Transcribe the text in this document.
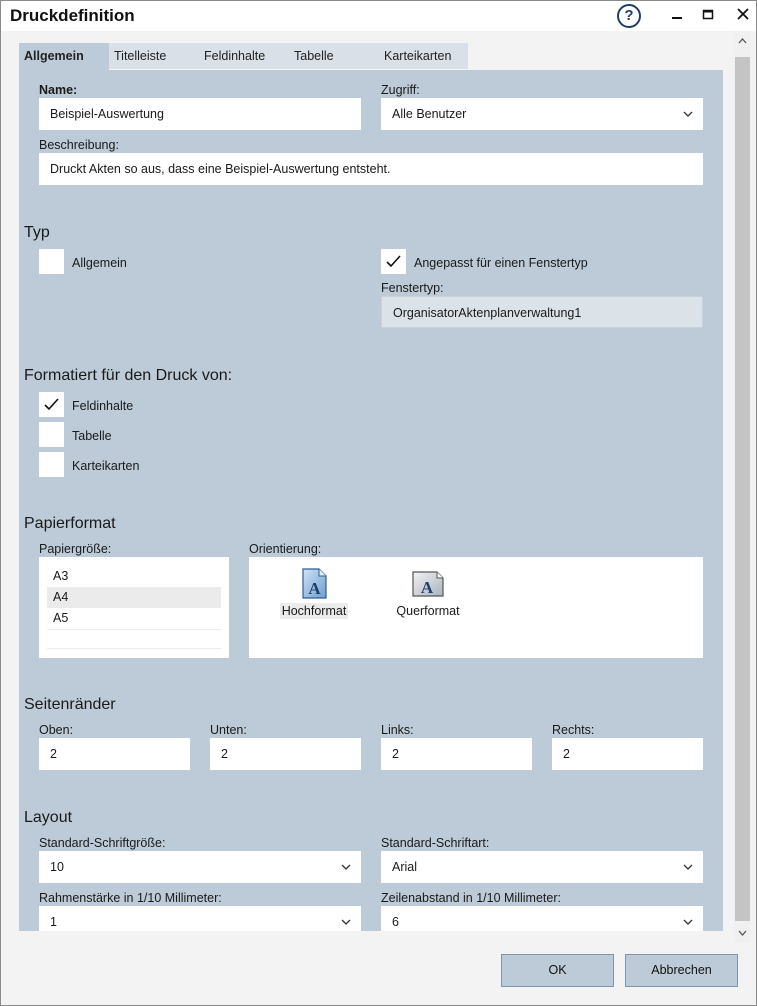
Druckdefinition	?
Allgemein	Titelleiste	Feldinhalte	Tabelle	Karteikarten
Name:
Beispiel-Auswertung
Zugriff:
Alle Benutzer
Beschreibung:
Druckt Akten so aus, dass eine Beispiel-Auswertung entsteht.
Typ
Allgemein	Angepasst für einen Fenstertyp
Fenstertyp:
OrganisatorAktenplanverwaltung1
Formatiert für den Druck von:
Feldinhalte
Tabelle
Karteikarten
Papierformat
Papiergröße:
A3
A4
A5
Orientierung:
A

Hochformat
A

Querformat
Seitenränder
Oben:
2
Unten:
2
Links:
2
Rechts:
2
Layout
Standard-Schriftgröße:
10
Standard-Schriftart:
Arial
Rahmenstärke in 1/10 Millimeter:
1
Zeilenabstand in 1/10 Millimeter:
6
OK	Abbrechen
